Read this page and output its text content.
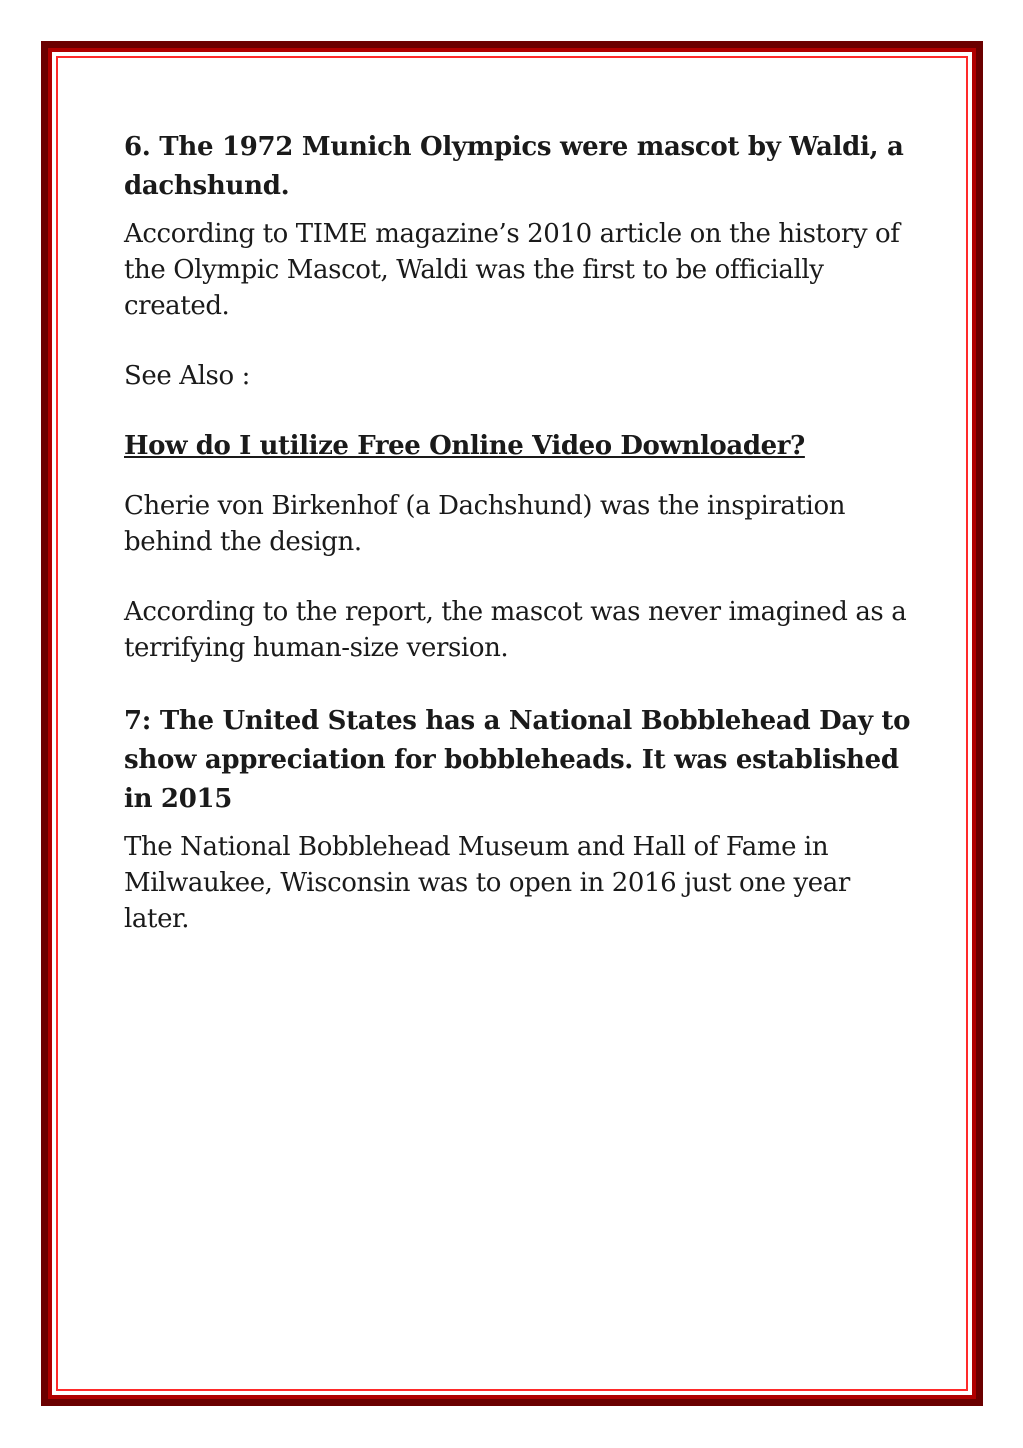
6. The 1972 Munich Olympics were mascot by Waldi, a dachshund.

According to TIME magazine’s 2010 article on the history of the Olympic Mascot, Waldi was the first to be officially created.

See Also :

How do I utilize Free Online Video Downloader?

Cherie von Birkenhof (a Dachshund) was the inspiration behind the design.

According to the report, the mascot was never imagined as a terrifying human-size version.

7: The United States has a National Bobblehead Day to show appreciation for bobbleheads. It was established in 2015

The National Bobblehead Museum and Hall of Fame in Milwaukee, Wisconsin was to open in 2016 just one year later.
